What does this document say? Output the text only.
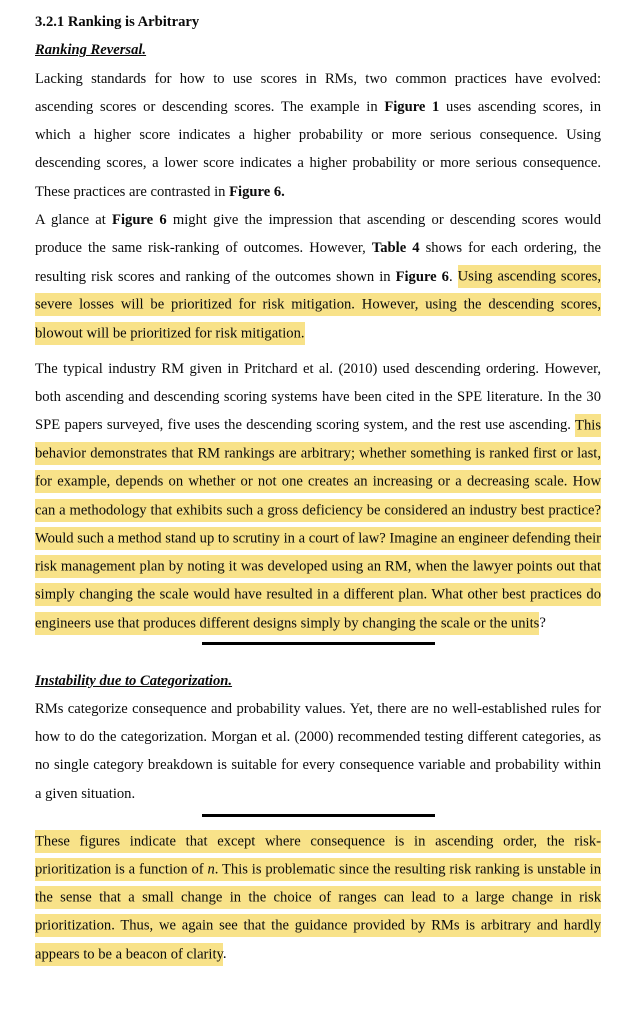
3.2.1 Ranking is Arbitrary
Ranking Reversal.

Lacking standards for how to use scores in RMs, two common practices have evolved: ascending scores or descending scores. The example in Figure 1 uses ascending scores, in which a higher score indicates a higher probability or more serious consequence. Using descending scores, a lower score indicates a higher probability or more serious consequence. These practices are contrasted in Figure 6.

A glance at Figure 6 might give the impression that ascending or descending scores would produce the same risk-ranking of outcomes. However, Table 4 shows for each ordering, the resulting risk scores and ranking of the outcomes shown in Figure 6. Using ascending scores, severe losses will be prioritized for risk mitigation. However, using the descending scores, blowout will be prioritized for risk mitigation.

The typical industry RM given in Pritchard et al. (2010) used descending ordering. However, both ascending and descending scoring systems have been cited in the SPE literature. In the 30 SPE papers surveyed, five uses the descending scoring system, and the rest use ascending. This behavior demonstrates that RM rankings are arbitrary; whether something is ranked first or last, for example, depends on whether or not one creates an increasing or a decreasing scale. How can a methodology that exhibits such a gross deficiency be considered an industry best practice? Would such a method stand up to scrutiny in a court of law? Imagine an engineer defending their risk management plan by noting it was developed using an RM, when the lawyer points out that simply changing the scale would have resulted in a different plan. What other best practices do engineers use that produces different designs simply by changing the scale or the units?

Instability due to Categorization.

RMs categorize consequence and probability values. Yet, there are no well-established rules for how to do the categorization. Morgan et al. (2000) recommended testing different categories, as no single category breakdown is suitable for every consequence variable and probability within a given situation.

These figures indicate that except where consequence is in ascending order, the risk-prioritization is a function of n. This is problematic since the resulting risk ranking is unstable in the sense that a small change in the choice of ranges can lead to a large change in risk prioritization. Thus, we again see that the guidance provided by RMs is arbitrary and hardly appears to be a beacon of clarity.
